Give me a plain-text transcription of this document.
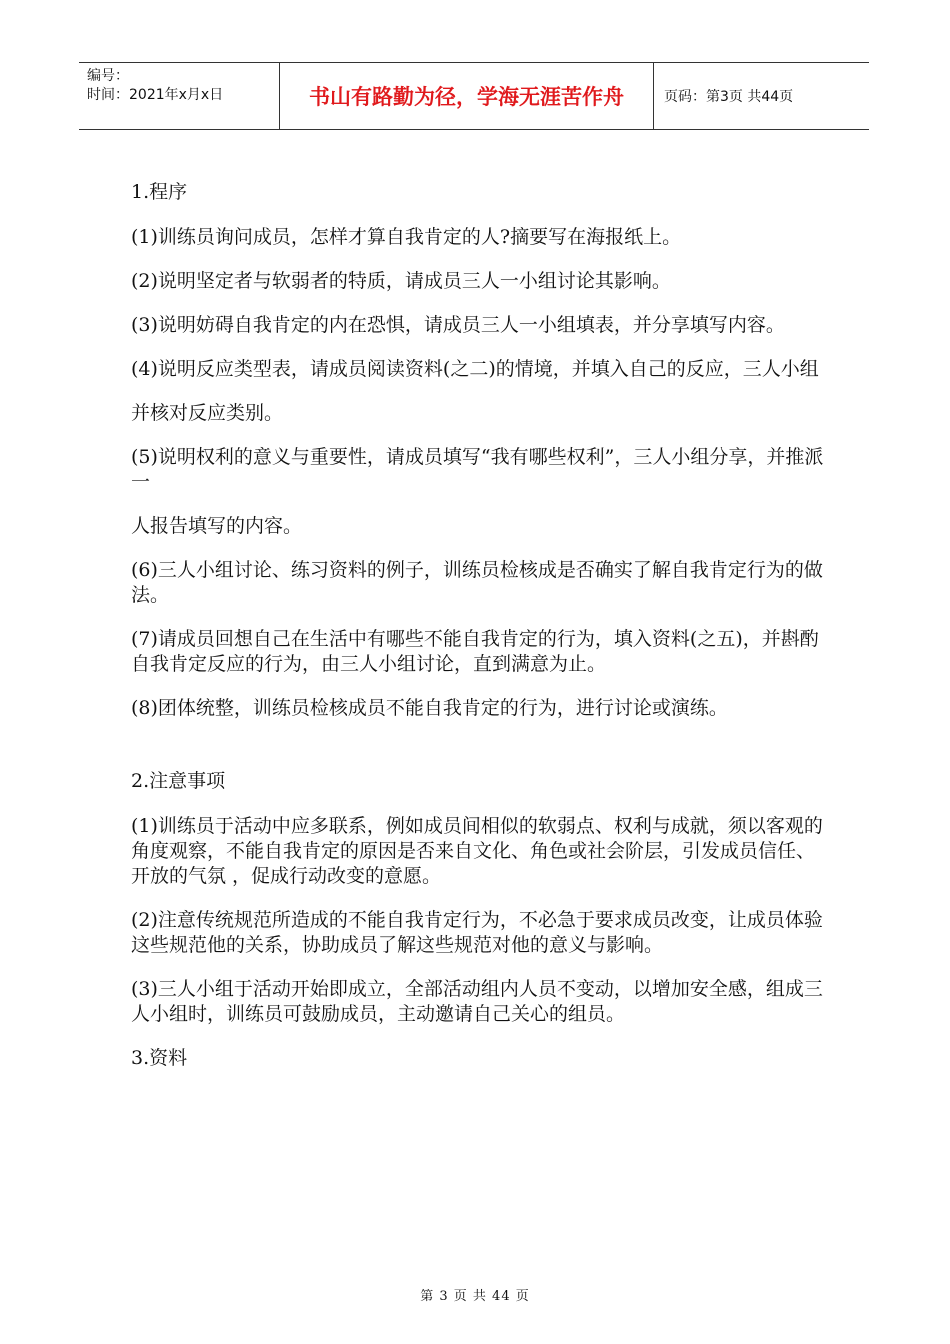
编号：
时间：2021年x月x日	书山有路勤为径，学海无涯苦作舟	页码：第3页 共44页

1.程序

(1)训练员询问成员，怎样才算自我肯定的人?摘要写在海报纸上。

(2)说明坚定者与软弱者的特质，请成员三人一小组讨论其影响。

(3)说明妨碍自我肯定的内在恐惧，请成员三人一小组填表，并分享填写内容。

(4)说明反应类型表，请成员阅读资料(之二)的情境，并填入自己的反应，三人小组

并核对反应类别。

(5)说明权利的意义与重要性，请成员填写“我有哪些权利”，三人小组分享，并推派一

人报告填写的内容。

(6)三人小组讨论、练习资料的例子，训练员检核成是否确实了解自我肯定行为的做法。

(7)请成员回想自己在生活中有哪些不能自我肯定的行为，填入资料(之五)，并斟酌自我肯定反应的行为，由三人小组讨论，直到满意为止。

(8)团体统整，训练员检核成员不能自我肯定的行为，进行讨论或演练。

2.注意事项

(1)训练员于活动中应多联系，例如成员间相似的软弱点、权利与成就，须以客观的角度观察，不能自我肯定的原因是否来自文化、角色或社会阶层，引发成员信任、开放的气氛 ，促成行动改变的意愿。

(2)注意传统规范所造成的不能自我肯定行为，不必急于要求成员改变，让成员体验这些规范他的关系，协助成员了解这些规范对他的意义与影响。

(3)三人小组于活动开始即成立，全部活动组内人员不变动，以增加安全感，组成三人小组时，训练员可鼓励成员，主动邀请自己关心的组员。

3.资料

第 3 页 共 44 页
